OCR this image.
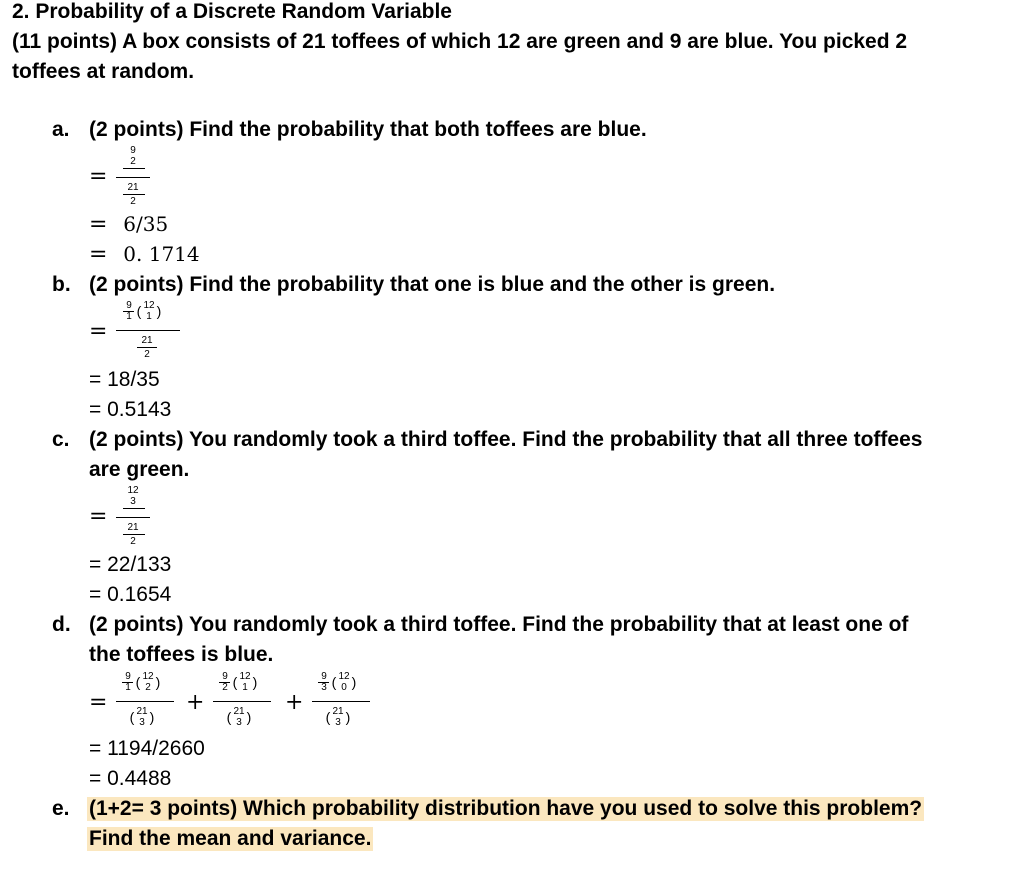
2. Probability of a Discrete Random Variable
(11 points) A box consists of 21 toffees of which 12 are green and 9 are blue. You picked 2
toffees at random.
a. (2 points) Find the probability that both toffees are blue.
=
9
2
21
2
= 6/35
= 0. 1714
b. (2 points) Find the probability that one is blue and the other is green.
=
9
1 ( 12
1 )
21
2
= 18/35
= 0.5143
c. (2 points) You randomly took a third toffee. Find the probability that all three toffees
are green.
=
12
3
21
2
= 22/133
= 0.1654
d. (2 points) You randomly took a third toffee. Find the probability that at least one of
the toffees is blue.
=
9
1 ( 12
2 )
( 21
3 )
+
9
2 ( 12
1 )
( 21
3 )
+
9
3 ( 12
0 )
( 21
3 )
= 1194/2660
= 0.4488
e. (1+2= 3 points) Which probability distribution have you used to solve this problem?
Find the mean and variance.
